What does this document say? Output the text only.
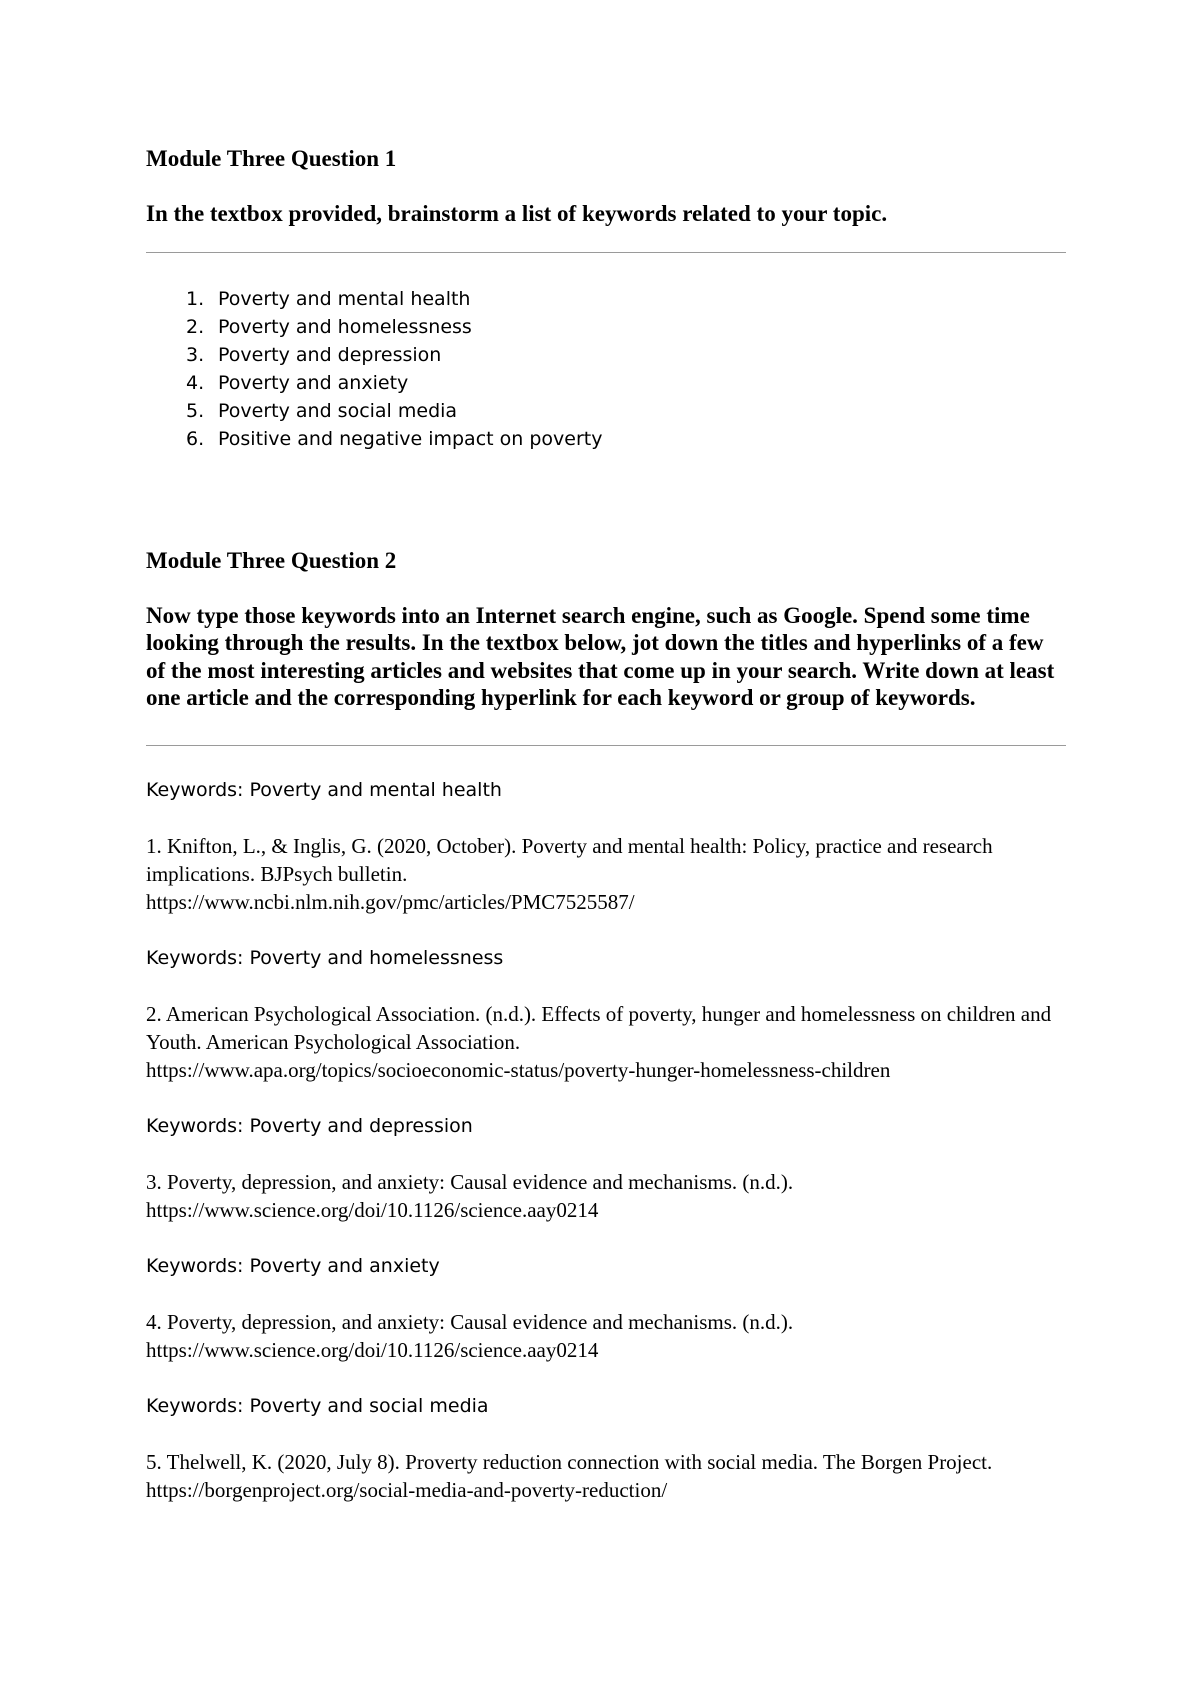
Module Three Question 1

In the textbox provided, brainstorm a list of keywords related to your topic.

1. Poverty and mental health
2. Poverty and homelessness
3. Poverty and depression
4. Poverty and anxiety
5. Poverty and social media
6. Positive and negative impact on poverty

Module Three Question 2

Now type those keywords into an Internet search engine, such as Google. Spend some time looking through the results. In the textbox below, jot down the titles and hyperlinks of a few of the most interesting articles and websites that come up in your search. Write down at least one article and the corresponding hyperlink for each keyword or group of keywords.

Keywords: Poverty and mental health

1. Knifton, L., & Inglis, G. (2020, October). Poverty and mental health: Policy, practice and research implications. BJPsych bulletin.
https://www.ncbi.nlm.nih.gov/pmc/articles/PMC7525587/

Keywords: Poverty and homelessness

2. American Psychological Association. (n.d.). Effects of poverty, hunger and homelessness on children and Youth. American Psychological Association.
https://www.apa.org/topics/socioeconomic-status/poverty-hunger-homelessness-children

Keywords: Poverty and depression

3. Poverty, depression, and anxiety: Causal evidence and mechanisms. (n.d.).
https://www.science.org/doi/10.1126/science.aay0214

Keywords: Poverty and anxiety

4. Poverty, depression, and anxiety: Causal evidence and mechanisms. (n.d.).
https://www.science.org/doi/10.1126/science.aay0214

Keywords: Poverty and social media

5. Thelwell, K. (2020, July 8). Proverty reduction connection with social media. The Borgen Project. https://borgenproject.org/social-media-and-poverty-reduction/
